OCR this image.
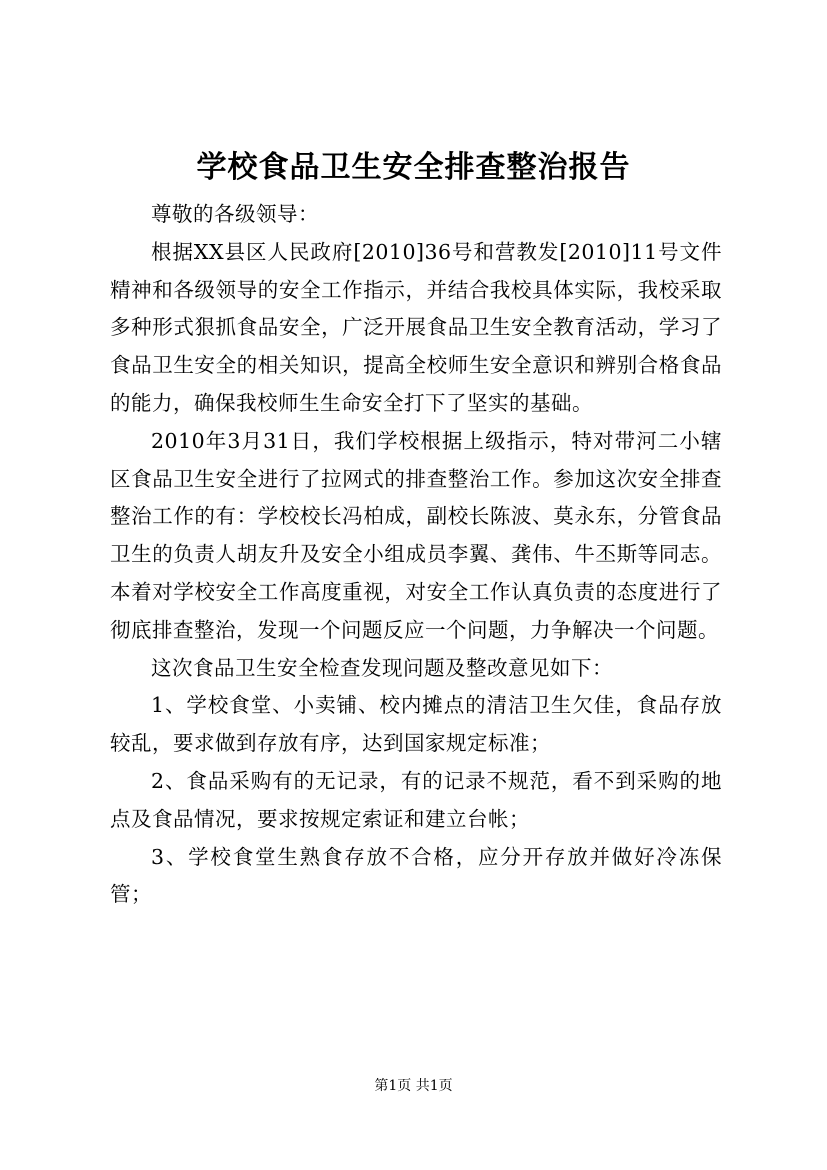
学校食品卫生安全排查整治报告

尊敬的各级领导：

根据XX县区人民政府[2010]36号和营教发[2010]11号文件精神和各级领导的安全工作指示，并结合我校具体实际，我校采取多种形式狠抓食品安全，广泛开展食品卫生安全教育活动，学习了食品卫生安全的相关知识，提高全校师生安全意识和辨别合格食品的能力，确保我校师生生命安全打下了坚实的基础。

2010年3月31日，我们学校根据上级指示，特对带河二小辖区食品卫生安全进行了拉网式的排查整治工作。参加这次安全排查整治工作的有：学校校长冯柏成，副校长陈波、莫永东，分管食品卫生的负责人胡友升及安全小组成员李翼、龚伟、牛丕斯等同志。本着对学校安全工作高度重视，对安全工作认真负责的态度进行了彻底排查整治，发现一个问题反应一个问题，力争解决一个问题。

这次食品卫生安全检查发现问题及整改意见如下：

1、学校食堂、小卖铺、校内摊点的清洁卫生欠佳，食品存放较乱，要求做到存放有序，达到国家规定标准；

2、食品采购有的无记录，有的记录不规范，看不到采购的地点及食品情况，要求按规定索证和建立台帐；

3、学校食堂生熟食存放不合格，应分开存放并做好冷冻保管；

第1页 共1页
